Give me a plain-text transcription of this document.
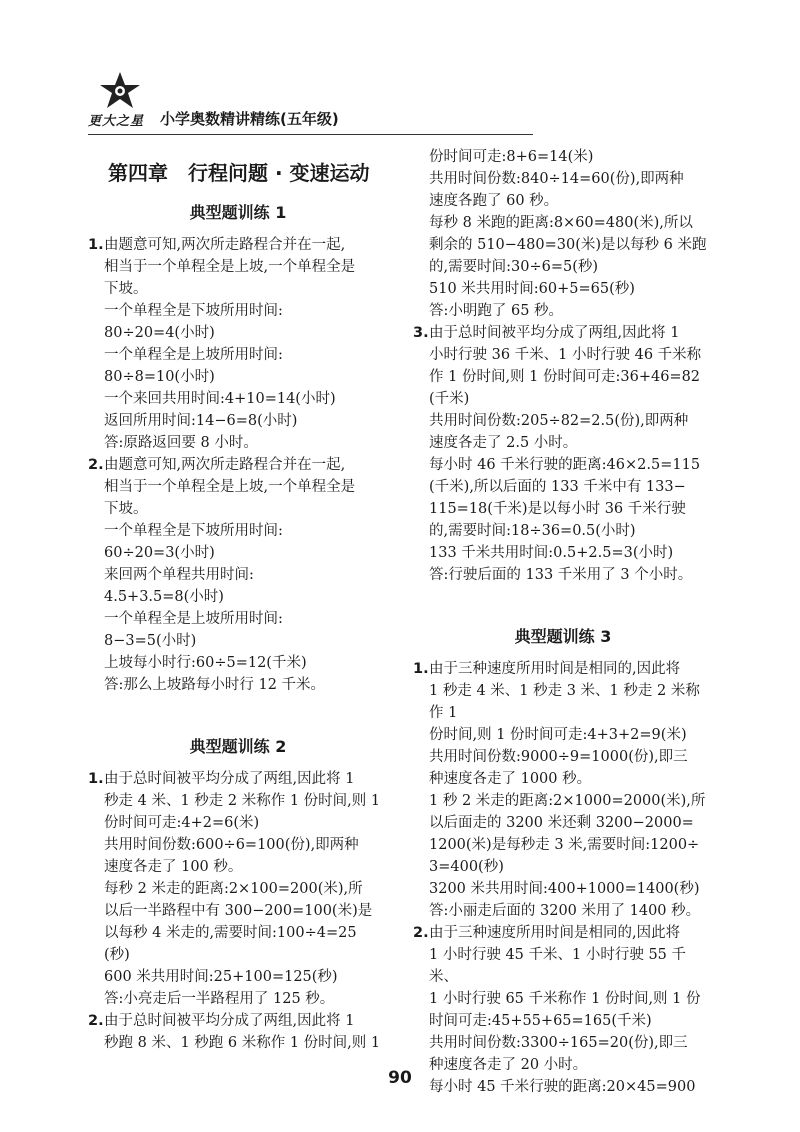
更大之星 小学奥数精讲精练(五年级)
第四章　行程问题 · 变速运动
典型题训练 1
1. 由题意可知,两次所走路程合并在一起,
相当于一个单程全是上坡,一个单程全是
下坡。
一个单程全是下坡所用时间:
80÷20=4(小时)
一个单程全是上坡所用时间:
80÷8=10(小时)
一个来回共用时间:4+10=14(小时)
返回所用时间:14−6=8(小时)
答:原路返回要 8 小时。
2. 由题意可知,两次所走路程合并在一起,
相当于一个单程全是上坡,一个单程全是
下坡。
一个单程全是下坡所用时间:
60÷20=3(小时)
来回两个单程共用时间:
4.5+3.5=8(小时)
一个单程全是上坡所用时间:
8−3=5(小时)
上坡每小时行:60÷5=12(千米)
答:那么上坡路每小时行 12 千米。
典型题训练 2
1. 由于总时间被平均分成了两组,因此将 1
秒走 4 米、1 秒走 2 米称作 1 份时间,则 1
份时间可走:4+2=6(米)
共用时间份数:600÷6=100(份),即两种
速度各走了 100 秒。
每秒 2 米走的距离:2×100=200(米),所
以后一半路程中有 300−200=100(米)是
以每秒 4 米走的,需要时间:100÷4=25
(秒)
600 米共用时间:25+100=125(秒)
答:小亮走后一半路程用了 125 秒。
2. 由于总时间被平均分成了两组,因此将 1
秒跑 8 米、1 秒跑 6 米称作 1 份时间,则 1
份时间可走:8+6=14(米)
共用时间份数:840÷14=60(份),即两种
速度各跑了 60 秒。
每秒 8 米跑的距离:8×60=480(米),所以
剩余的 510−480=30(米)是以每秒 6 米跑
的,需要时间:30÷6=5(秒)
510 米共用时间:60+5=65(秒)
答:小明跑了 65 秒。
3. 由于总时间被平均分成了两组,因此将 1
小时行驶 36 千米、1 小时行驶 46 千米称
作 1 份时间,则 1 份时间可走:36+46=82
(千米)
共用时间份数:205÷82=2.5(份),即两种
速度各走了 2.5 小时。
每小时 46 千米行驶的距离:46×2.5=115
(千米),所以后面的 133 千米中有 133−
115=18(千米)是以每小时 36 千米行驶
的,需要时间:18÷36=0.5(小时)
133 千米共用时间:0.5+2.5=3(小时)
答:行驶后面的 133 千米用了 3 个小时。
典型题训练 3
1. 由于三种速度所用时间是相同的,因此将
1 秒走 4 米、1 秒走 3 米、1 秒走 2 米称作 1
份时间,则 1 份时间可走:4+3+2=9(米)
共用时间份数:9000÷9=1000(份),即三
种速度各走了 1000 秒。
1 秒 2 米走的距离:2×1000=2000(米),所
以后面走的 3200 米还剩 3200−2000=
1200(米)是每秒走 3 米,需要时间:1200÷
3=400(秒)
3200 米共用时间:400+1000=1400(秒)
答:小丽走后面的 3200 米用了 1400 秒。
2. 由于三种速度所用时间是相同的,因此将
1 小时行驶 45 千米、1 小时行驶 55 千米、
1 小时行驶 65 千米称作 1 份时间,则 1 份
时间可走:45+55+65=165(千米)
共用时间份数:3300÷165=20(份),即三
种速度各走了 20 小时。
每小时 45 千米行驶的距离:20×45=900
90
